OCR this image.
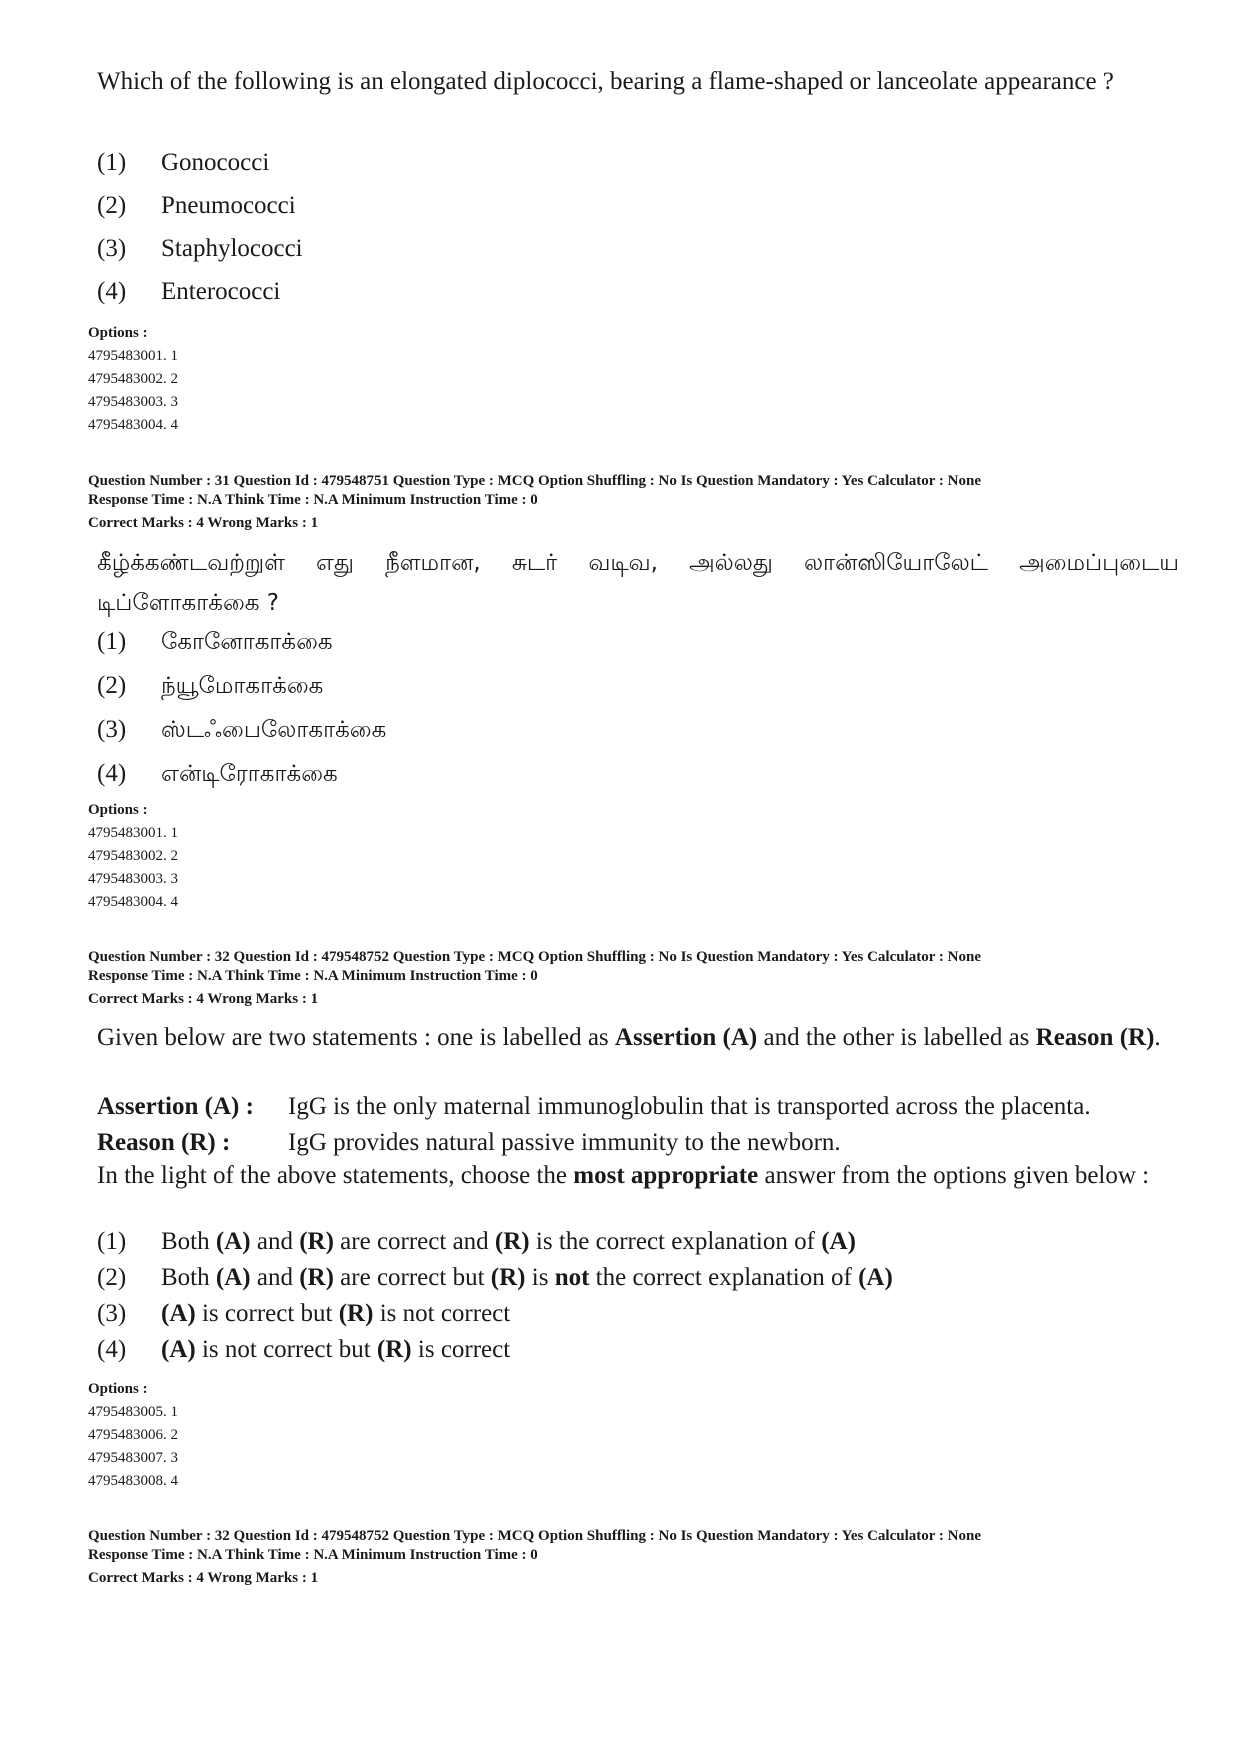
Which of the following is an elongated diplococci, bearing a flame-shaped or lanceolate appearance ?
(1) Gonococci
(2) Pneumococci
(3) Staphylococci
(4) Enterococci
Options :
4795483001. 1
4795483002. 2
4795483003. 3
4795483004. 4
Question Number : 31 Question Id : 479548751 Question Type : MCQ Option Shuffling : No Is Question Mandatory : Yes Calculator : None
Response Time : N.A Think Time : N.A Minimum Instruction Time : 0
Correct Marks : 4 Wrong Marks : 1
கீழ்க்கண்டவற்றுள் எது நீளமான, சுடர் வடிவ, அல்லது லான்ஸியோலேட் அமைப்புடைய டிப்ளோகாக்கை ?
(1) கோனோகாக்கை
(2) ந்யூமோகாக்கை
(3) ஸ்டஃபைலோகாக்கை
(4) என்டிரோகாக்கை
Options :
4795483001. 1
4795483002. 2
4795483003. 3
4795483004. 4
Question Number : 32 Question Id : 479548752 Question Type : MCQ Option Shuffling : No Is Question Mandatory : Yes Calculator : None
Response Time : N.A Think Time : N.A Minimum Instruction Time : 0
Correct Marks : 4 Wrong Marks : 1
Given below are two statements : one is labelled as Assertion (A) and the other is labelled as Reason (R).
Assertion (A) : IgG is the only maternal immunoglobulin that is transported across the placenta.
Reason (R) : IgG provides natural passive immunity to the newborn.
In the light of the above statements, choose the most appropriate answer from the options given below :
(1) Both (A) and (R) are correct and (R) is the correct explanation of (A)
(2) Both (A) and (R) are correct but (R) is not the correct explanation of (A)
(3) (A) is correct but (R) is not correct
(4) (A) is not correct but (R) is correct
Options :
4795483005. 1
4795483006. 2
4795483007. 3
4795483008. 4
Question Number : 32 Question Id : 479548752 Question Type : MCQ Option Shuffling : No Is Question Mandatory : Yes Calculator : None
Response Time : N.A Think Time : N.A Minimum Instruction Time : 0
Correct Marks : 4 Wrong Marks : 1
